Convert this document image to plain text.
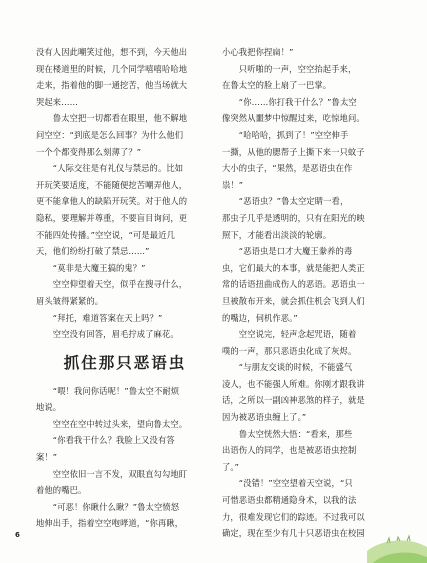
没有人因此嘲笑过他，想不到，今天他出

现在楼道里的时候，几个同学嘻嘻哈哈地

走来，指着他的脚一通挖苦，他当场就大

哭起来……

　　鲁太空把一切都看在眼里，他不解地

问空空：“到底是怎么回事？为什么他们

一个个都变得那么刻薄了？”

　　“人际交往是有礼仪与禁忌的。比如

开玩笑要适度，不能随便挖苦嘲弄他人，

更不能拿他人的缺陷开玩笑。对于他人的

隐私，要理解并尊重，不要盲目询问，更

不能四处传播。”空空说，“可是最近几

天，他们纷纷打破了禁忌……”

　　“莫非是大魔王搞的鬼？”

　　空空仰望着天空，似乎在搜寻什么，

眉头皱得紧紧的。

　　“拜托，难道答案在天上吗？”

　　空空没有回答，眉毛拧成了麻花。

抓住那只恶语虫

　　“喂！我问你话呢！”鲁太空不耐烦

地说。

　　空空在空中转过头来，望向鲁太空。

　　“你看我干什么？我脸上又没有答

案！”

　　空空依旧一言不发，双眼直勾勾地盯

着他的嘴巴。

　　“可恶！你瞅什么瞅？”鲁太空愤怒

地伸出手，指着空空咆哮道，“你再瞅，

小心我把你捏扁！”

　　只听啪的一声，空空抬起手来，

在鲁太空的脸上扇了一巴掌。

　　“你……你打我干什么？”鲁太空

像突然从噩梦中惊醒过来，吃惊地问。

　　“哈哈哈，抓到了！”空空伸手

一撕，从他的腮帮子上撕下来一只蚊子

大小的虫子，“果然，是恶语虫在作

祟！”

　　“恶语虫？”鲁太空定睛一看，

那虫子几乎是透明的，只有在阳光的映

照下，才能看出淡淡的轮廓。

　　“恶语虫是口才大魔王豢养的毒

虫，它们最大的本事，就是能把人类正

常的话语扭曲成伤人的恶语。恶语虫一

旦被散布开来，就会抓住机会飞到人们

的嘴边，伺机作恶。”

　　空空说完，轻声念起咒语，随着

噗的一声，那只恶语虫化成了灰烬。

　　“与朋友交谈的时候，不能盛气

凌人，也不能强人所难。你刚才跟我讲

话，之所以一副凶神恶煞的样子，就是

因为被恶语虫缠上了。”

　　鲁太空恍然大悟：“看来，那些

出语伤人的同学，也是被恶语虫控制

了。”

　　“没错！”空空望着天空说，“只

可惜恶语虫都精通隐身术，以我的法

力，很难发现它们的踪迹。不过我可以

确定，现在至少有几十只恶语虫在校园

6
